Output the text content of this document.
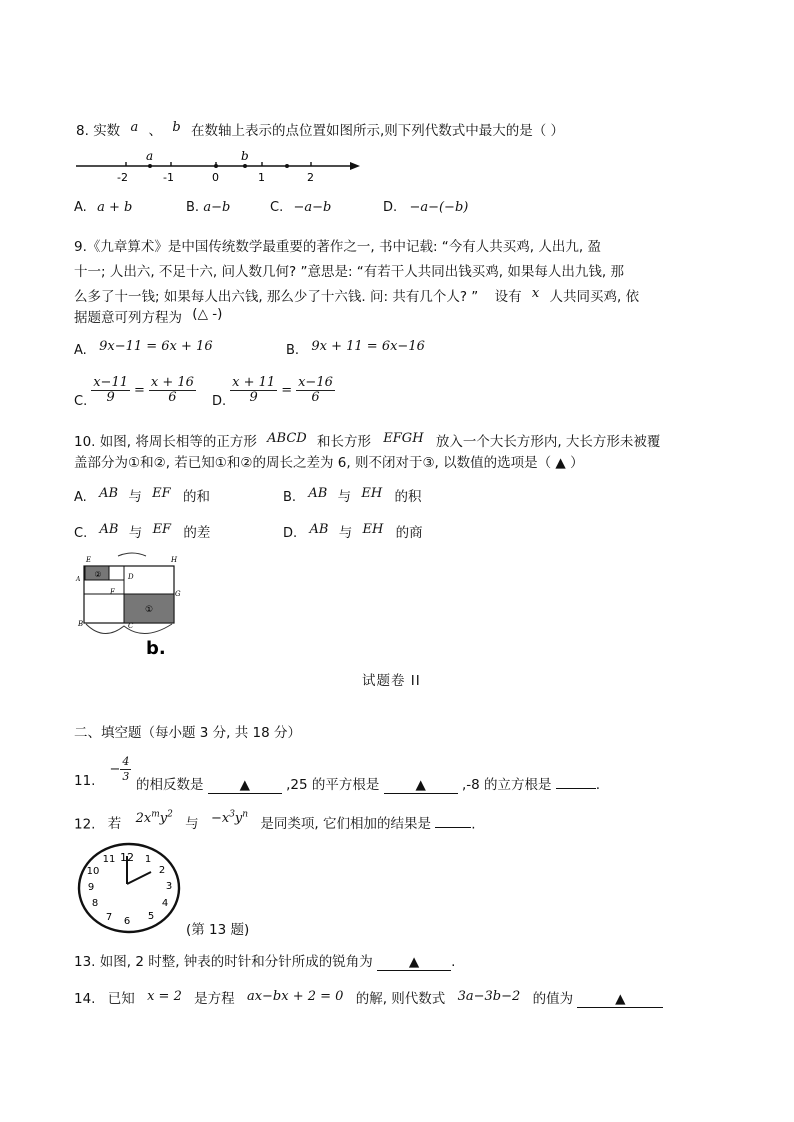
8. 实数 a 、 b 在数轴上表示的点位置如图所示,则下列代数式中最大的是（ ）
a	b
-2	-1	0	1	2
A. a + b	B. a−b	C. −a−b	D. −a−(−b)
9.《九章算术》是中国传统数学最重要的著作之一, 书中记载: “今有人共买鸡, 人出九, 盈
十一; 人出六, 不足十六, 问人数几何? ”意思是: “有若干人共同出钱买鸡, 如果每人出九钱, 那
么多了十一钱; 如果每人出六钱, 那么少了十六钱. 问: 共有几个人? ” 设有 x 人共同买鸡, 依
据题意可列方程为 (△ -)
A. 9x−11 = 6x + 16	B. 9x + 11 = 6x−16
C. $\frac{x-11}{9} = \frac{x + 16}{6} D$. $\frac{x + 11}{9} = \frac{x-16}{6}$
10. 如图, 将周长相等的正方形 ABCD 和长方形 EFGH 放入一个大长方形内, 大长方形未被覆
盖部分为①和②, 若已知①和②的周长之差为 6, 则不闭对于③, 以数值的选项是（ ▲ ）
A. AB 与 EF 的和	B. AB 与 EH 的积
C. AB 与 EF 的差	D. AB 与 EH 的商
②
①
E	H
D
F	G
A
B	C
b.
试题卷 II
二、填空题（每小题 3 分, 共 18 分）
11.
− $\frac{4}{3}$
的相反数是	▲	,25 的平方根是	▲	,-8 的立方根是	.
12. 若 $2x^my^2$ 与 $-x^3y^n$ 是同类项, 它们相加的结果是	.
12 1
2
3
4
5
6
7
8
9
10
11
(第 13 题)
13. 如图, 2 时整, 钟表的时针和分针所成的锐角为	▲ .
14. 已知 x = 2 是方程 ax−bx + 2 = 0 的解, 则代数式 3a−3b−2 的值为	▲
